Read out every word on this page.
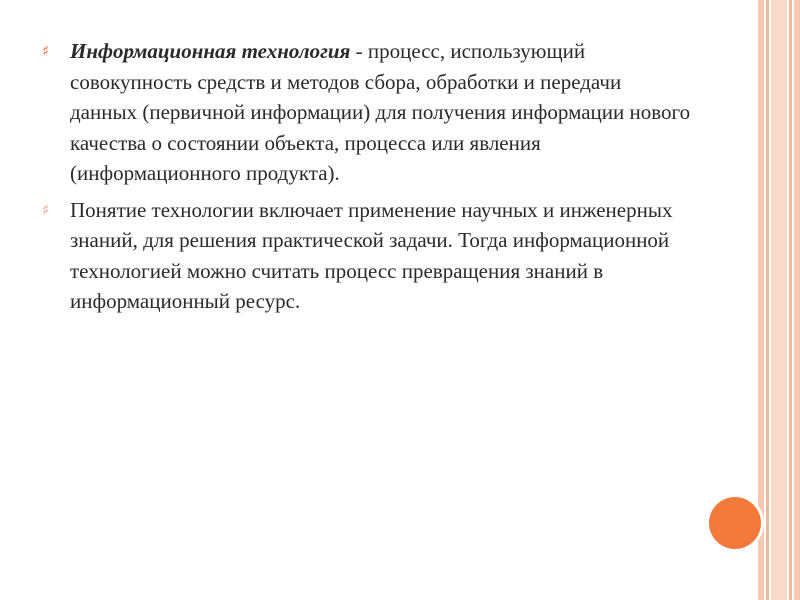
♯ Информационная технология - процесс, использующий совокупность средств и методов сбора, обработки и передачи данных (первичной информации) для получения информации нового качества о состоянии объекта, процесса или явления (информационного продукта).
♯ Понятие технологии включает применение научных и инженерных знаний, для решения практической задачи. Тогда информационной технологией можно считать процесс превращения знаний в информационный ресурс.
